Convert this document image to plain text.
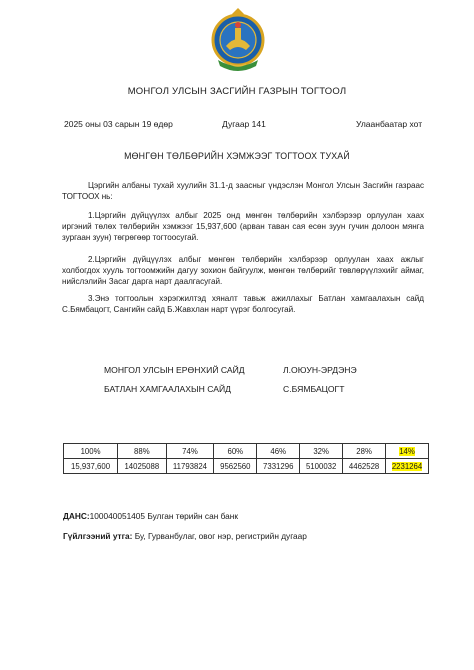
МОНГОЛ УЛСЫН ЗАСГИЙН ГАЗРЫН ТОГТООЛ
2025 оны 03 сарын 19 өдөр	Дугаар 141	Улаанбаатар хот
МӨНГӨН ТӨЛБӨРИЙН ХЭМЖЭЭГ ТОГТООХ ТУХАЙ
Цэргийн албаны тухай хуулийн 31.1-д заасныг үндэслэн Монгол Улсын Засгийн газраас ТОГТООХ нь:
1.Цэргийн дүйцүүлэх албыг 2025 онд мөнгөн төлбөрийн хэлбэрээр орлуулан хаах иргэний төлөх төлбөрийн хэмжээг 15,937,600 (арван таван сая есөн зуун гучин долоон мянга зургаан зуун) төгрөгөөр тогтоосугай.
2.Цэргийн дүйцүүлэх албыг мөнгөн төлбөрийн хэлбэрээр орлуулан хаах ажлыг холбогдох хууль тогтоомжийн дагуу зохион байгуулж, мөнгөн төлбөрийг төвлөрүүлэхийг аймаг, нийслэлийн Засаг дарга нарт даалгасугай.
3.Энэ тогтоолын хэрэгжилтэд хяналт тавьж ажиллахыг Батлан хамгаалахын сайд С.Бямбацогт, Сангийн сайд Б.Жавхлан нарт үүрэг болгосугай.
МОНГОЛ УЛСЫН ЕРӨНХИЙ САЙД	Л.ОЮУН-ЭРДЭНЭ
БАТЛАН ХАМГААЛАХЫН САЙД	С.БЯМБАЦОГТ
100%	88%	74%	60%	46%	32%	28%	14%
15,937,600	14025088	11793824	9562560	7331296	5100032	4462528	2231264
ДАНС:100040051405 Булган төрийн сан банк
Гүйлгээний утга: Бу, Гурванбулаг, овог нэр, регистрийн дугаар
